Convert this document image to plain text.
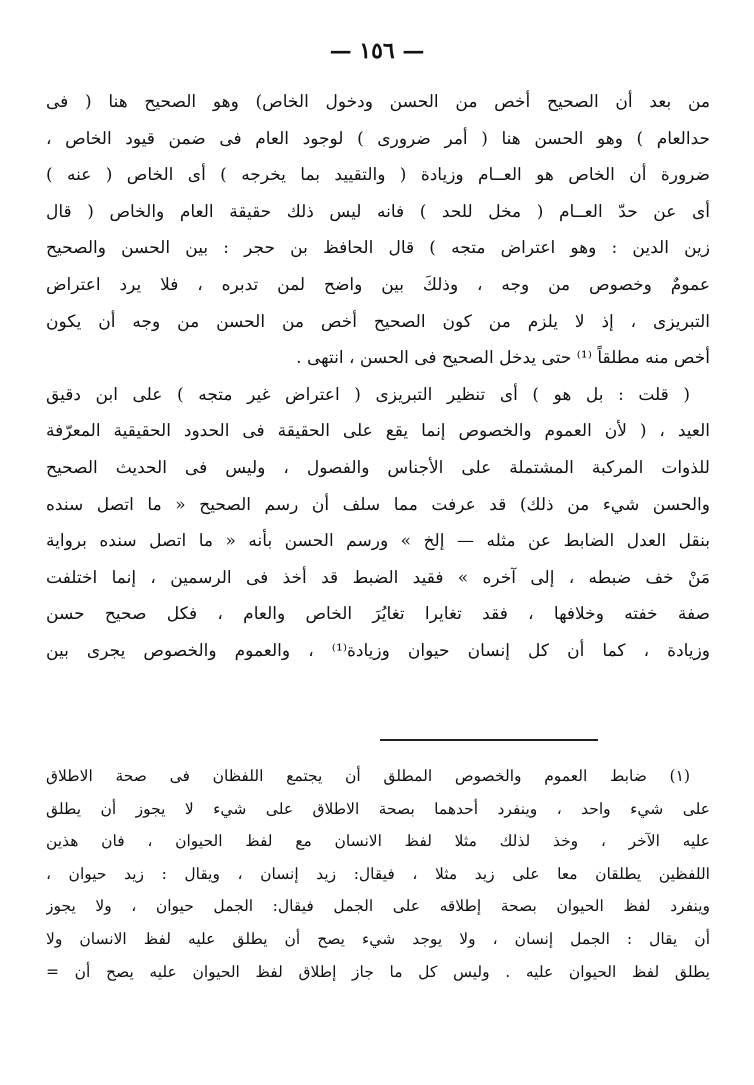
— ١٥٦ —
من بعد أن الصحيح أخص من الحسن ودخول الخاص) وهو الصحيح هنا ( فى
حدالعام ) وهو الحسن هنا ( أمر ضرورى ) لوجود العام فى ضمن قيود الخاص ،
ضرورة أن الخاص هو العــام وزيادة ( والتقييد بما يخرجه ) أى الخاص ( عنه )
أى عن حدّ العــام ( مخل للحد ) فانه ليس ذلك حقيقة العام والخاص ( قال
زين الدين : وهو اعتراض متجه ) قال الحافظ بن حجر : بين الحسن والصحيح
عمومٌ وخصوص من وجه ، وذلكَ بين واضح لمن تدبره ، فلا يرد اعتراض
التبريزى ، إذ لا يلزم من كون الصحيح أخص من الحسن من وجه أن يكون
أخص منه مطلقاً ⁽¹⁾ حتى يدخل الصحيح فى الحسن ، انتهى .
( قلت : بل هو ) أى تنظير التبريزى ( اعتراض غير متجه ) على ابن دقيق
العيد ، ( لأن العموم والخصوص إنما يقع على الحقيقة فى الحدود الحقيقية المعرّفة
للذوات المركبة المشتملة على الأجناس والفصول ، وليس فى الحديث الصحيح
والحسن شيء من ذلك) قد عرفت مما سلف أن رسم الصحيح « ما اتصل سنده
بنقل العدل الضابط عن مثله — إلخ » ورسم الحسن بأنه « ما اتصل سنده برواية
مَنْ خف ضبطه ، إلى آخره » فقيد الضبط قد أخذ فى الرسمين ، إنما اختلفت
صفة خفته وخلافها ، فقد تغايرا تغايُرَ الخاص والعام ، فكل صحيح حسن
وزيادة ، كما أن كل إنسان حيوان وزيادة⁽¹⁾ ، والعموم والخصوص يجرى بين
(١) ضابط العموم والخصوص المطلق أن يجتمع اللفظان فى صحة الاطلاق
على شيء واحد ، وينفرد أحدهما بصحة الاطلاق على شيء لا يجوز أن يطلق
عليه الآخر ، وخذ لذلك مثلا لفظ الانسان مع لفظ الحيوان ، فان هذين
اللفظين يطلقان معا على زيد مثلا ، فيقال: زيد إنسان ، ويقال : زيد حيوان ،
وينفرد لفظ الحيوان بصحة إطلاقه على الجمل فيقال: الجمل حيوان ، ولا يجوز
أن يقال : الجمل إنسان ، ولا يوجد شيء يصح أن يطلق عليه لفظ الانسان ولا
يطلق لفظ الحيوان عليه . وليس كل ما جاز إطلاق لفظ الحيوان عليه يصح أن =
